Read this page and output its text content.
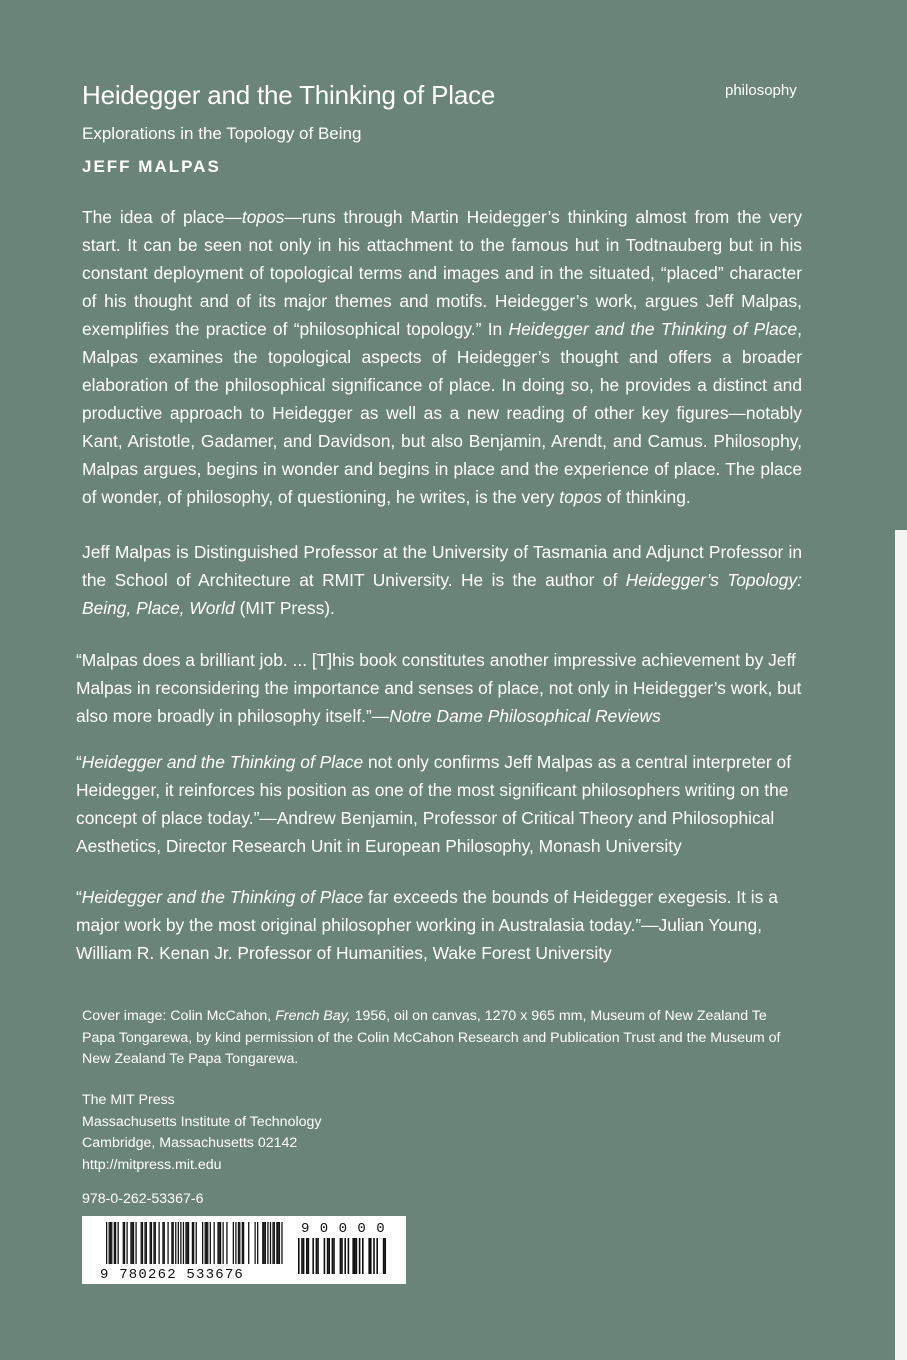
Heidegger and the Thinking of Place	philosophy
Explorations in the Topology of Being
JEFF MALPAS
The idea of place—topos—runs through Martin Heidegger’s thinking almost from the very start. It can be seen not only in his attachment to the famous hut in Todtnauberg but in his constant deployment of topological terms and images and in the situated, “placed” character of his thought and of its major themes and motifs. Heidegger’s work, argues Jeff Malpas, exemplifies the practice of “philosophical topology.” In Heidegger and the Thinking of Place, Malpas examines the topological aspects of Heidegger’s thought and offers a broader elaboration of the philosophical significance of place. In doing so, he provides a distinct and productive approach to Heidegger as well as a new reading of other key figures—notably Kant, Aristotle, Gadamer, and Davidson, but also Benjamin, Arendt, and Camus. Philosophy, Malpas argues, begins in wonder and begins in place and the experience of place. The place of wonder, of philosophy, of questioning, he writes, is the very topos of thinking.
Jeff Malpas is Distinguished Professor at the University of Tasmania and Adjunct Professor in the School of Architecture at RMIT University. He is the author of Heidegger’s Topology: Being, Place, World (MIT Press).
“Malpas does a brilliant job. ... [T]his book constitutes another impressive achievement by Jeff Malpas in reconsidering the importance and senses of place, not only in Heidegger’s work, but also more broadly in philosophy itself.”—Notre Dame Philosophical Reviews
“Heidegger and the Thinking of Place not only confirms Jeff Malpas as a central interpreter of Heidegger, it reinforces his position as one of the most significant philosophers writing on the concept of place today.”—Andrew Benjamin, Professor of Critical Theory and Philosophical Aesthetics, Director Research Unit in European Philosophy, Monash University
“Heidegger and the Thinking of Place far exceeds the bounds of Heidegger exegesis. It is a major work by the most original philosopher working in Australasia today.”—Julian Young, William R. Kenan Jr. Professor of Humanities, Wake Forest University
Cover image: Colin McCahon, French Bay, 1956, oil on canvas, 1270 x 965 mm, Museum of New Zealand Te Papa Tongarewa, by kind permission of the Colin McCahon Research and Publication Trust and the Museum of New Zealand Te Papa Tongarewa.
The MIT Press
Massachusetts Institute of Technology
Cambridge, Massachusetts 02142
http://mitpress.mit.edu
978-0-262-53367-6
9 780262 533676
9 0 0 0 0
